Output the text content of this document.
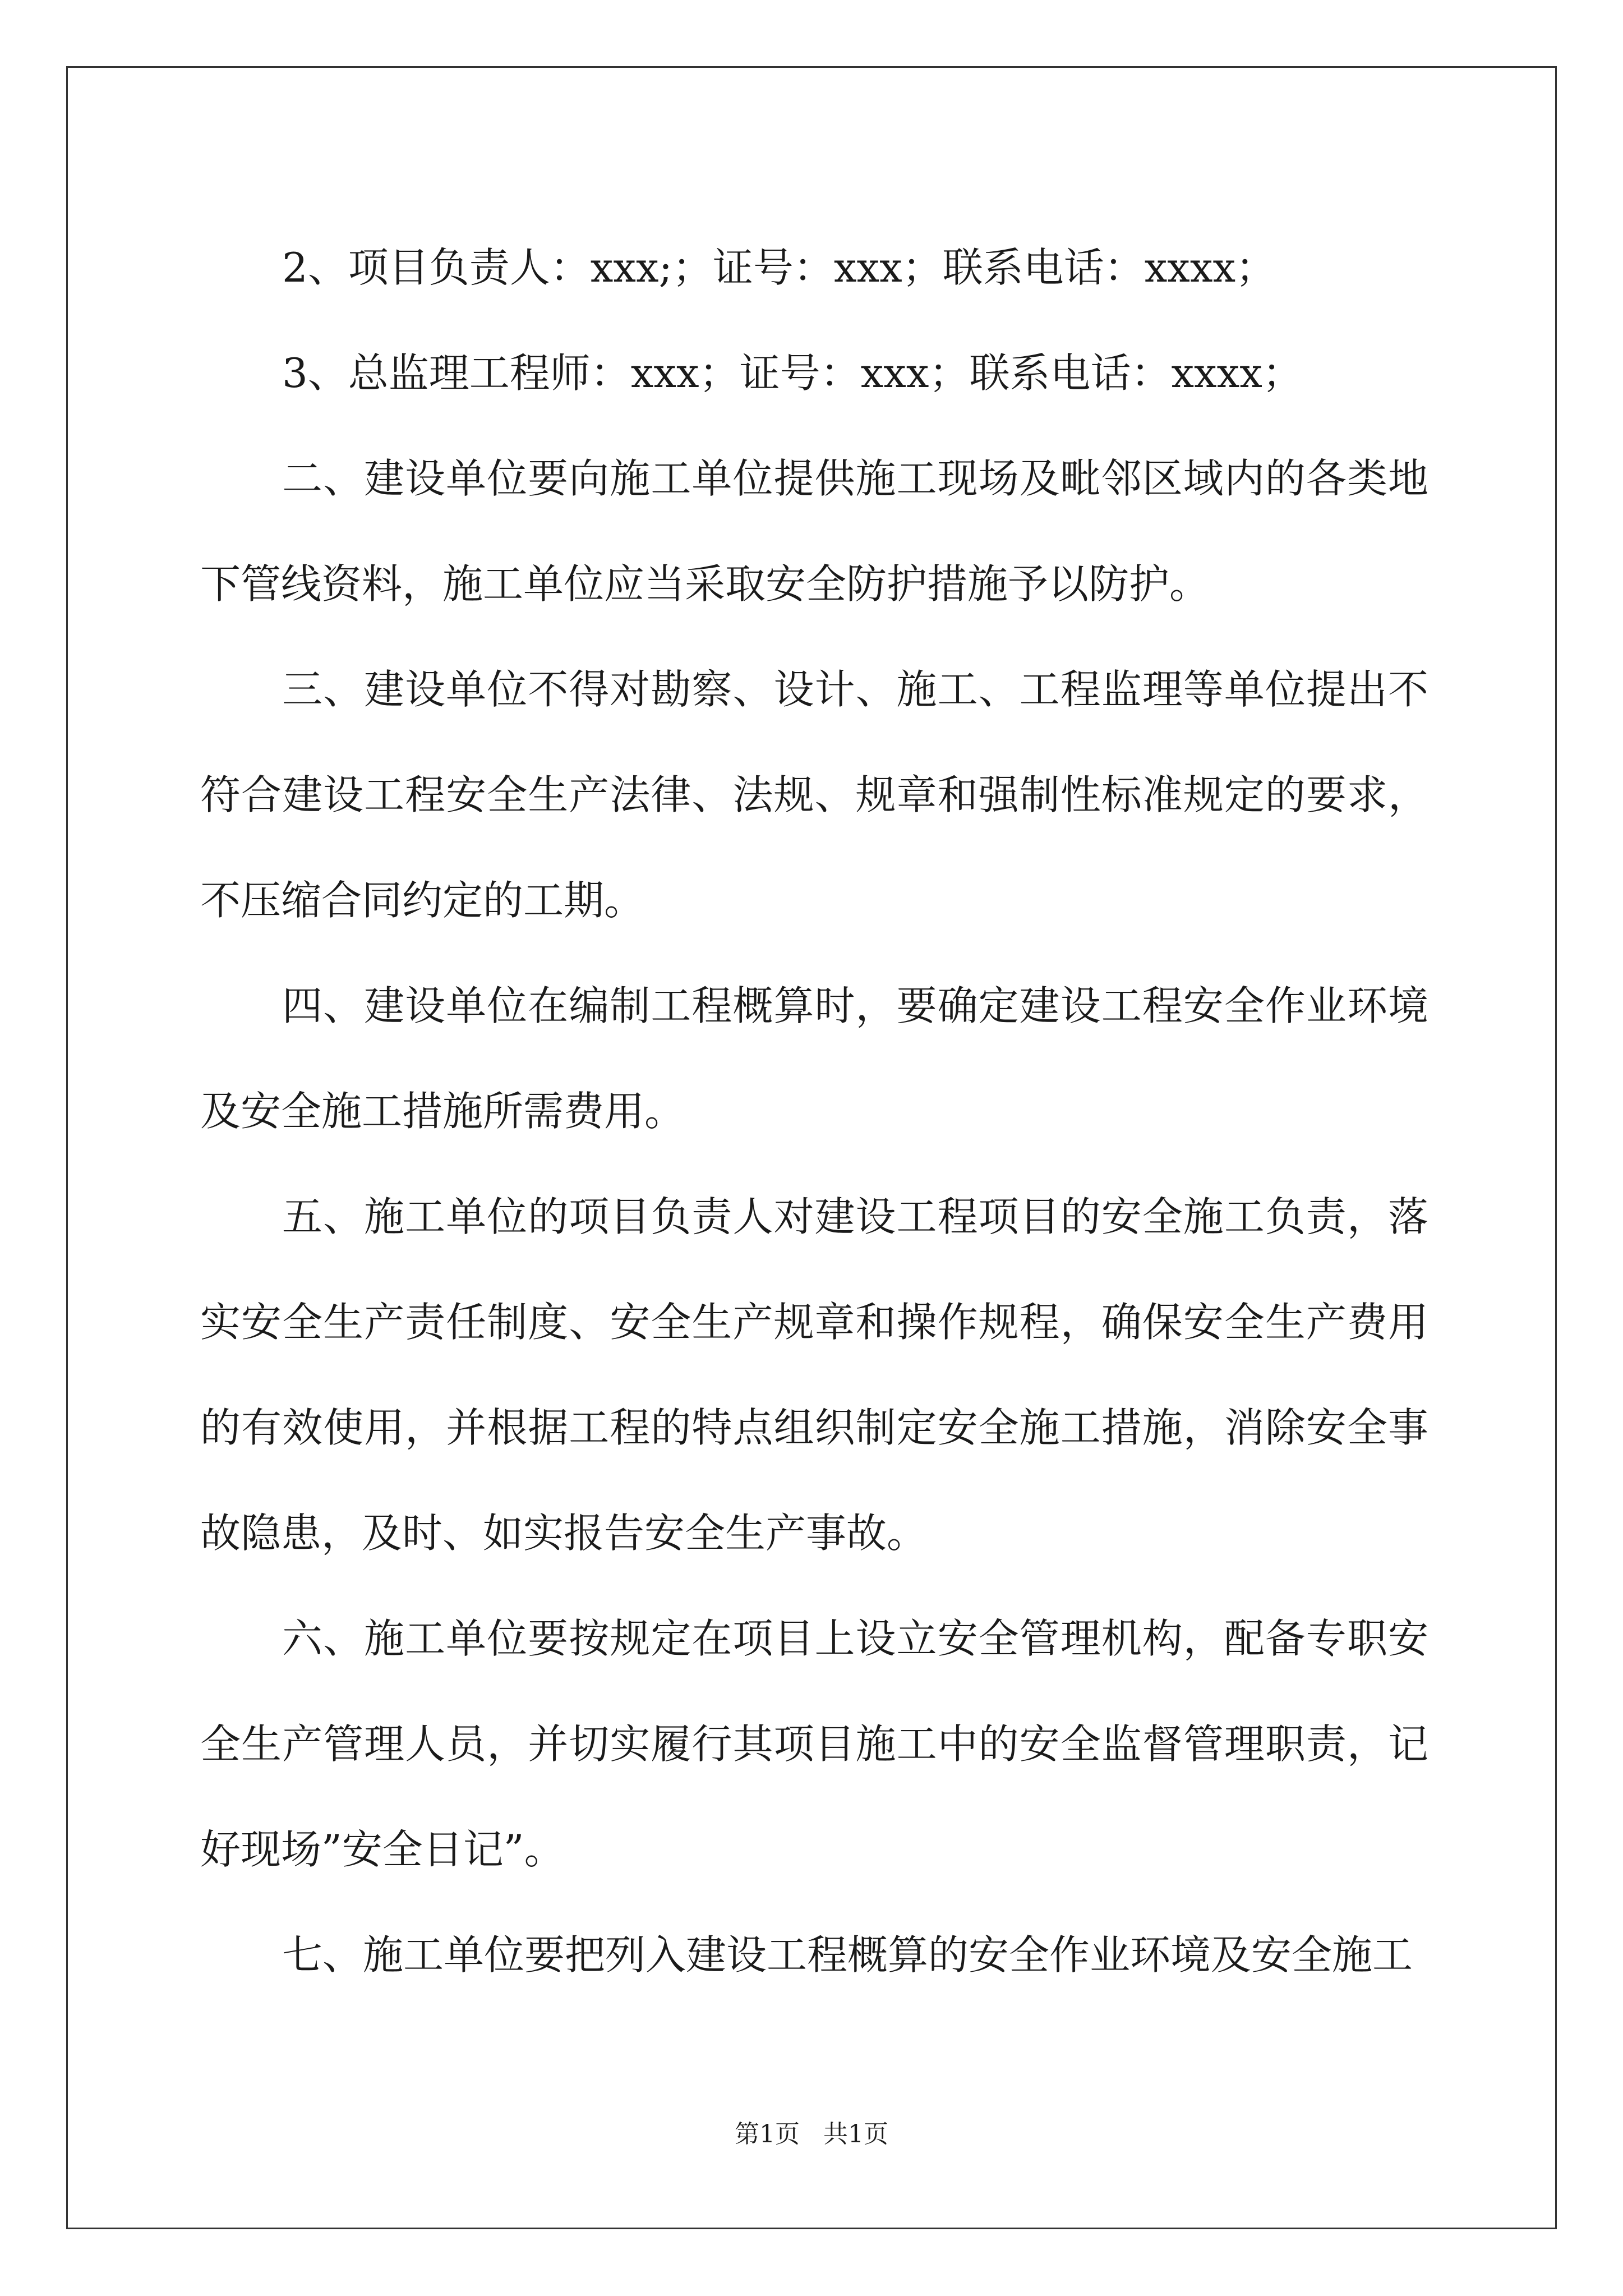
2、项目负责人：xxx;；证号：xxx；联系电话：xxxx；

3、总监理工程师：xxx；证号：xxx；联系电话：xxxx；

二、建设单位要向施工单位提供施工现场及毗邻区域内的各类地下管线资料，施工单位应当采取安全防护措施予以防护。

三、建设单位不得对勘察、设计、施工、工程监理等单位提出不符合建设工程安全生产法律、法规、规章和强制性标准规定的要求，不压缩合同约定的工期。

四、建设单位在编制工程概算时，要确定建设工程安全作业环境及安全施工措施所需费用。

五、施工单位的项目负责人对建设工程项目的安全施工负责，落实安全生产责任制度、安全生产规章和操作规程，确保安全生产费用的有效使用，并根据工程的特点组织制定安全施工措施，消除安全事故隐患，及时、如实报告安全生产事故。

六、施工单位要按规定在项目上设立安全管理机构，配备专职安全生产管理人员，并切实履行其项目施工中的安全监督管理职责，记好现场”安全日记”。

七、施工单位要把列入建设工程概算的安全作业环境及安全施工

第1页 共1页
